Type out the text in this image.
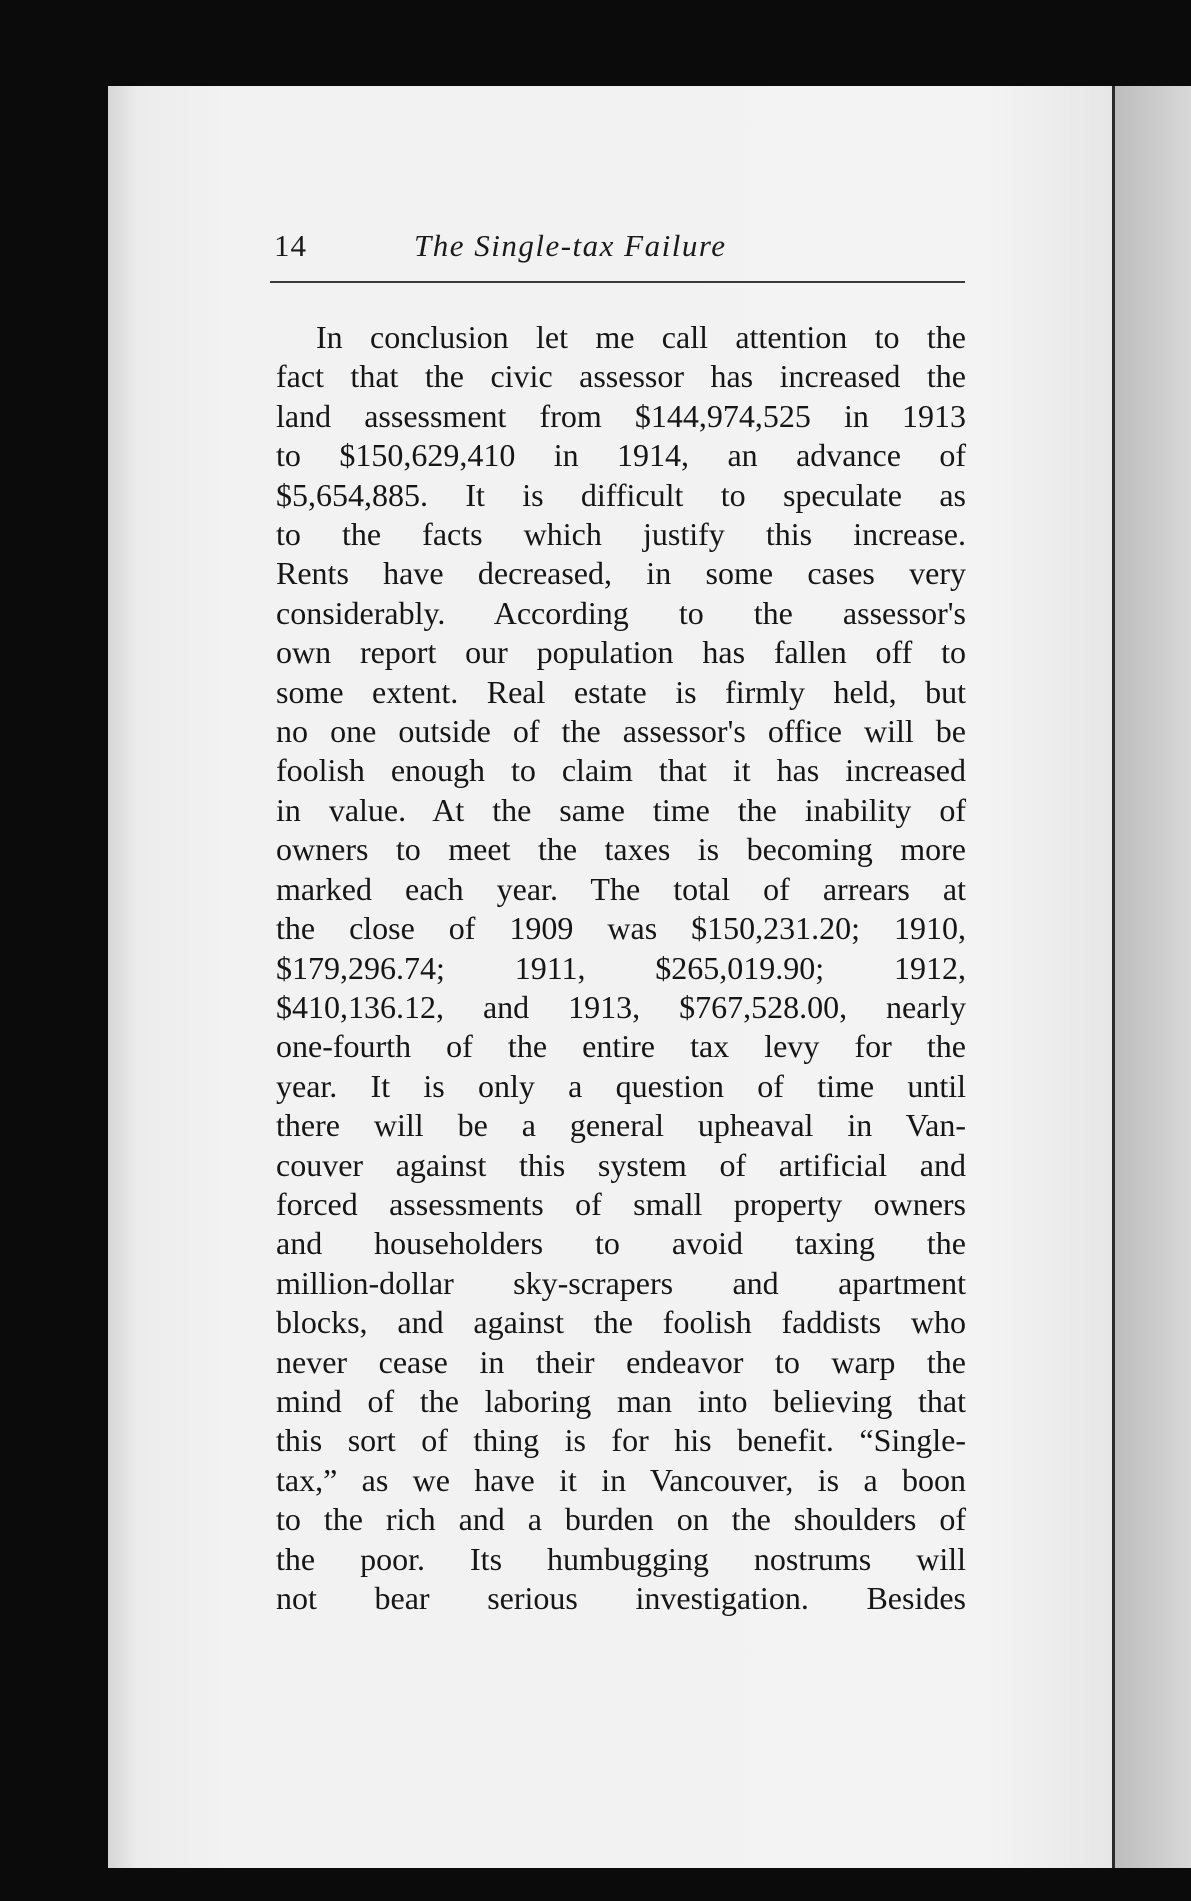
14	The Single-tax Failure
In conclusion let me call attention to the
fact that the civic assessor has increased the
land assessment from $144,974,525 in 1913
to $150,629,410 in 1914, an advance of
$5,654,885. It is difficult to speculate as
to the facts which justify this increase.
Rents have decreased, in some cases very
considerably. According to the assessor's
own report our population has fallen off to
some extent. Real estate is firmly held, but
no one outside of the assessor's office will be
foolish enough to claim that it has increased
in value. At the same time the inability of
owners to meet the taxes is becoming more
marked each year. The total of arrears at
the close of 1909 was $150,231.20; 1910,
$179,296.74; 1911, $265,019.90; 1912,
$410,136.12, and 1913, $767,528.00, nearly
one-fourth of the entire tax levy for the
year. It is only a question of time until
there will be a general upheaval in Van-
couver against this system of artificial and
forced assessments of small property owners
and householders to avoid taxing the
million-dollar sky-scrapers and apartment
blocks, and against the foolish faddists who
never cease in their endeavor to warp the
mind of the laboring man into believing that
this sort of thing is for his benefit. “Single-
tax,” as we have it in Vancouver, is a boon
to the rich and a burden on the shoulders of
the poor. Its humbugging nostrums will
not bear serious investigation. Besides
